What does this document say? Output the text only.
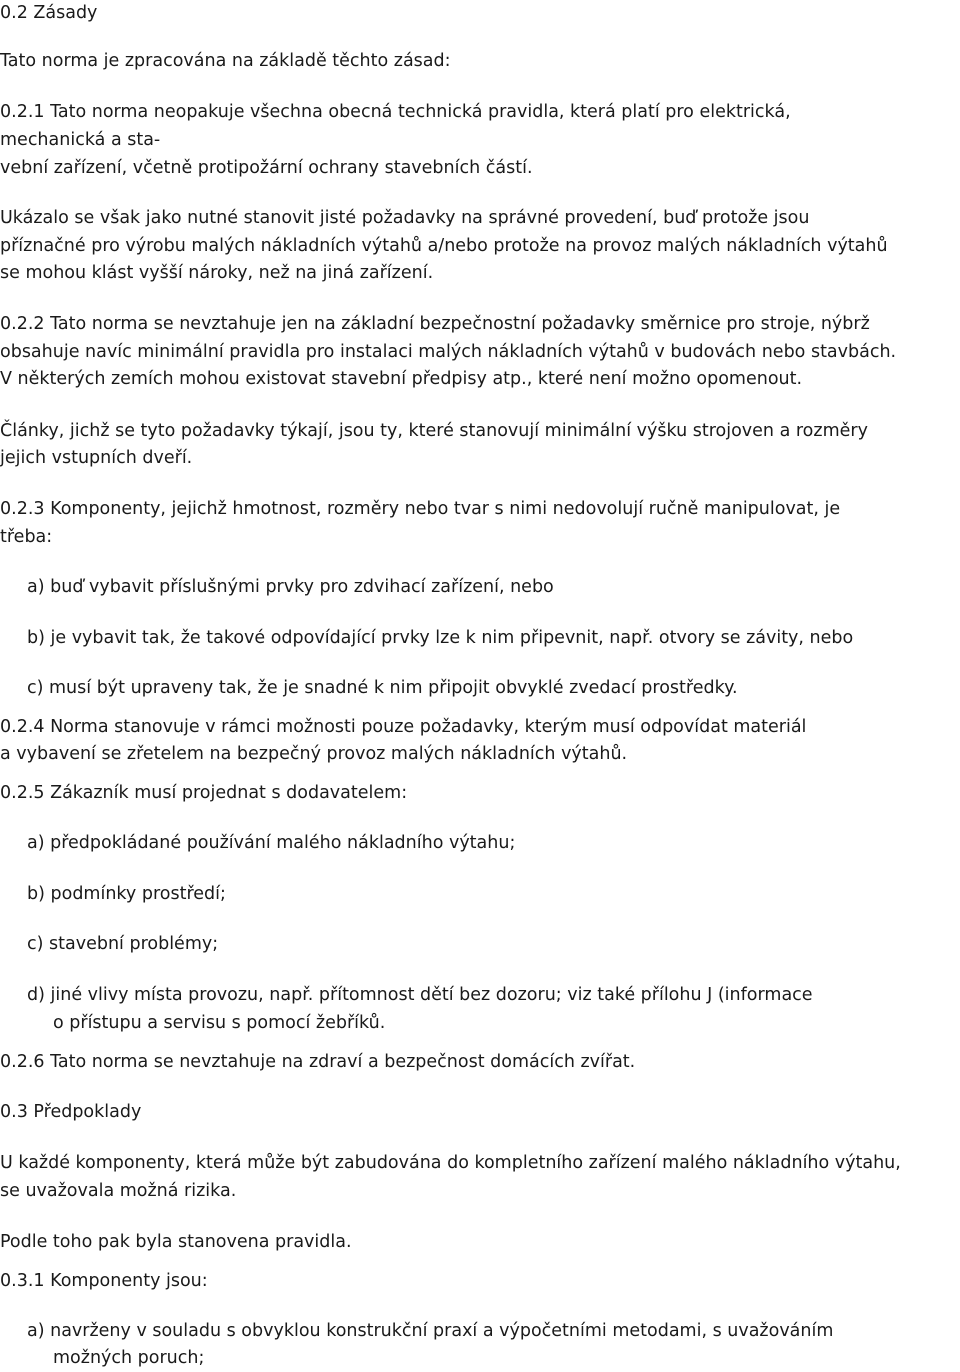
0.2 Zásady

Tato norma je zpracována na základě těchto zásad:

0.2.1 Tato norma neopakuje všechna obecná technická pravidla, která platí pro elektrická,

mechanická a sta-

vební zařízení, včetně protipožární ochrany stavebních částí.

Ukázalo se však jako nutné stanovit jisté požadavky na správné provedení, buď protože jsou

příznačné pro výrobu malých nákladních výtahů a/nebo protože na provoz malých nákladních výtahů

se mohou klást vyšší nároky, než na jiná zařízení.

0.2.2 Tato norma se nevztahuje jen na základní bezpečnostní požadavky směrnice pro stroje, nýbrž

obsahuje navíc minimální pravidla pro instalaci malých nákladních výtahů v budovách nebo stavbách.

V některých zemích mohou existovat stavební předpisy atp., které není možno opomenout.

Články, jichž se tyto požadavky týkají, jsou ty, které stanovují minimální výšku strojoven a rozměry

jejich vstupních dveří.

0.2.3 Komponenty, jejichž hmotnost, rozměry nebo tvar s nimi nedovolují ručně manipulovat, je

třeba:

a) buď vybavit příslušnými prvky pro zdvihací zařízení, nebo

b) je vybavit tak, že takové odpovídající prvky lze k nim připevnit, např. otvory se závity, nebo

c) musí být upraveny tak, že je snadné k nim připojit obvyklé zvedací prostředky.

0.2.4 Norma stanovuje v rámci možnosti pouze požadavky, kterým musí odpovídat materiál

a vybavení se zřetelem na bezpečný provoz malých nákladních výtahů.

0.2.5 Zákazník musí projednat s dodavatelem:

a) předpokládané používání malého nákladního výtahu;

b) podmínky prostředí;

c) stavební problémy;

d) jiné vlivy místa provozu, např. přítomnost dětí bez dozoru; viz také přílohu J (informace

o přístupu a servisu s pomocí žebříků.

0.2.6 Tato norma se nevztahuje na zdraví a bezpečnost domácích zvířat.

0.3 Předpoklady

U každé komponenty, která může být zabudována do kompletního zařízení malého nákladního výtahu,

se uvažovala možná rizika.

Podle toho pak byla stanovena pravidla.

0.3.1 Komponenty jsou:

a) navrženy v souladu s obvyklou konstrukční praxí a výpočetními metodami, s uvažováním

možných poruch;
